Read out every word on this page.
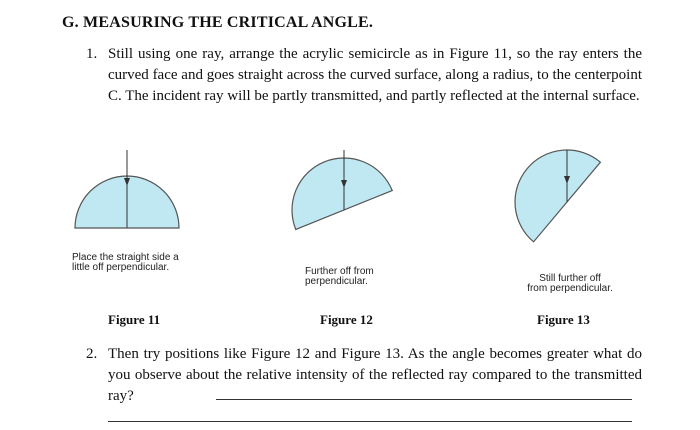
G. MEASURING THE CRITICAL ANGLE.
1. Still using one ray, arrange the acrylic semicircle as in Figure 11, so the ray enters the curved face and goes straight across the curved surface, along a radius, to the centerpoint C. The incident ray will be partly transmitted, and partly reflected at the internal surface.
Place the straight side a
little off perpendicular.	Further off from
perpendicular.	Still further off
from perpendicular.
Figure 11	Figure 12	Figure 13
2. Then try positions like Figure 12 and Figure 13. As the angle becomes greater what do you observe about the relative intensity of the reflected ray compared to the transmitted ray?
